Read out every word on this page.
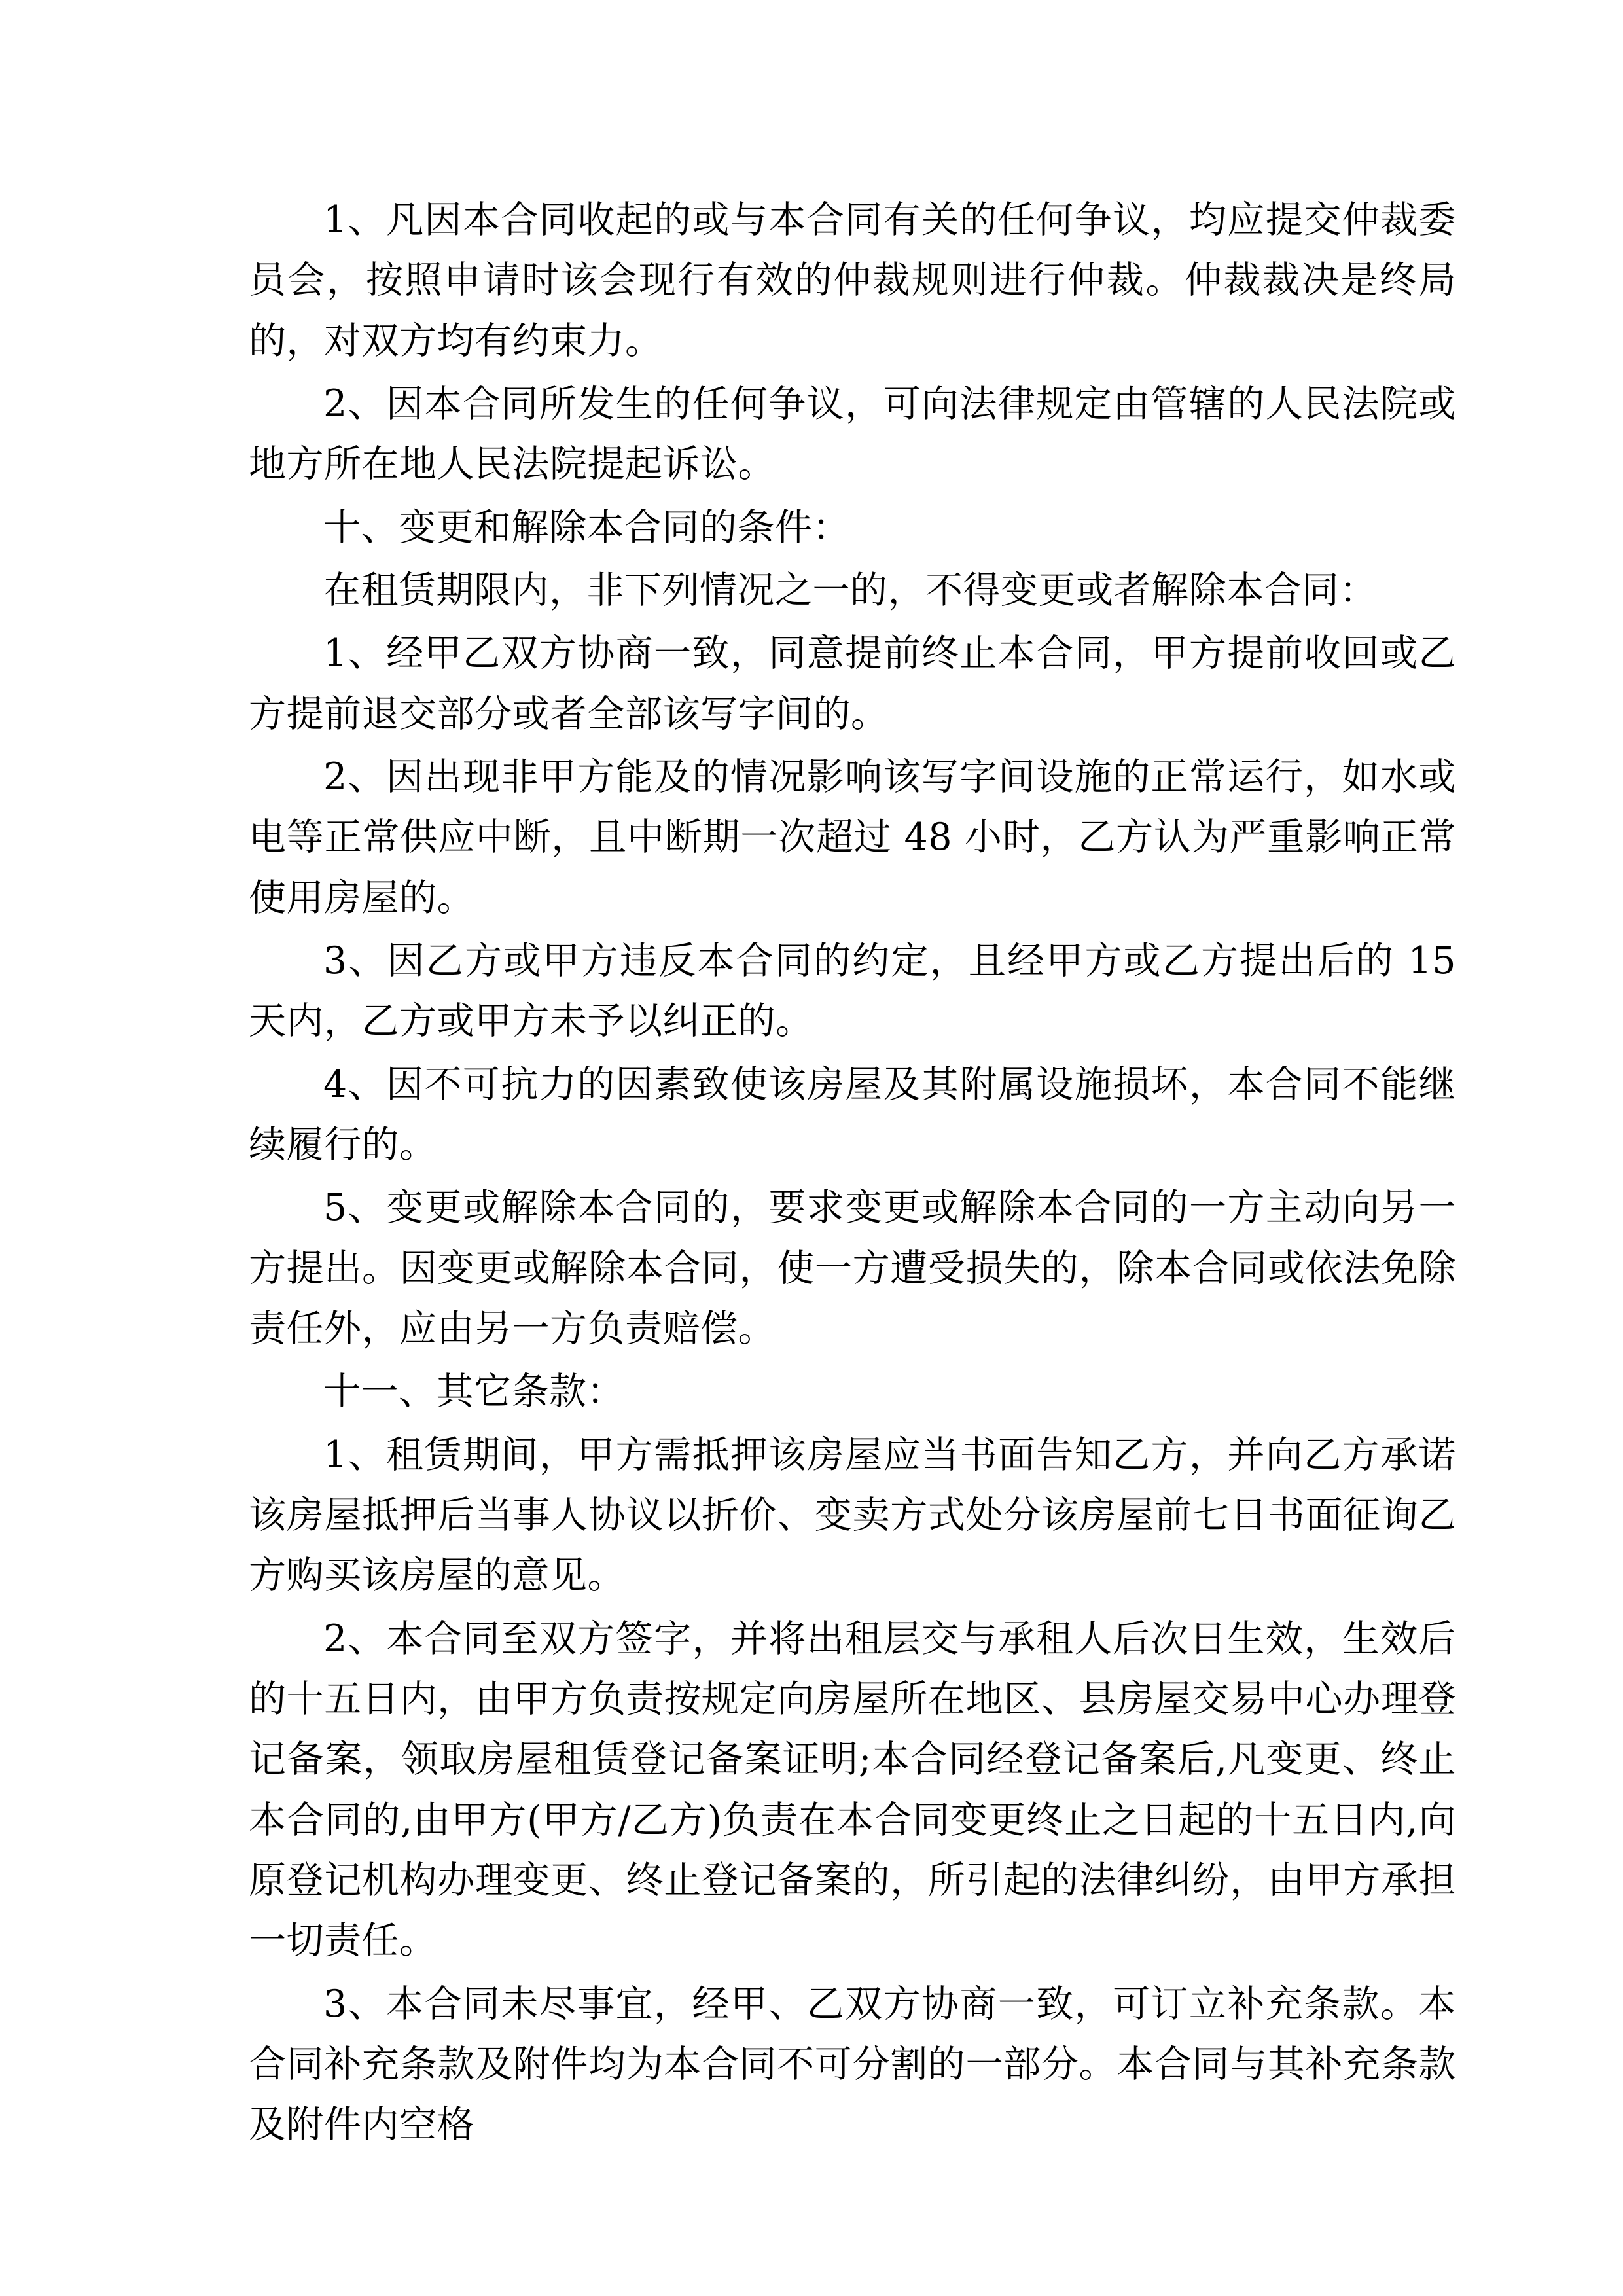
1、凡因本合同收起的或与本合同有关的任何争议，均应提交仲裁委员会，按照申请时该会现行有效的仲裁规则进行仲裁。仲裁裁决是终局的，对双方均有约束力。

2、因本合同所发生的任何争议，可向法律规定由管辖的人民法院或地方所在地人民法院提起诉讼。

十、变更和解除本合同的条件：

在租赁期限内，非下列情况之一的，不得变更或者解除本合同：

1、经甲乙双方协商一致，同意提前终止本合同，甲方提前收回或乙方提前退交部分或者全部该写字间的。

2、因出现非甲方能及的情况影响该写字间设施的正常运行，如水或电等正常供应中断，且中断期一次超过 48 小时，乙方认为严重影响正常使用房屋的。

3、因乙方或甲方违反本合同的约定，且经甲方或乙方提出后的 15 天内，乙方或甲方未予以纠正的。

4、因不可抗力的因素致使该房屋及其附属设施损坏，本合同不能继续履行的。

5、变更或解除本合同的，要求变更或解除本合同的一方主动向另一方提出。因变更或解除本合同，使一方遭受损失的，除本合同或依法免除责任外，应由另一方负责赔偿。

十一、其它条款：

1、租赁期间，甲方需抵押该房屋应当书面告知乙方，并向乙方承诺该房屋抵押后当事人协议以折价、变卖方式处分该房屋前七日书面征询乙方购买该房屋的意见。

2、本合同至双方签字，并将出租层交与承租人后次日生效，生效后的十五日内，由甲方负责按规定向房屋所在地区、县房屋交易中心办理登记备案，领取房屋租赁登记备案证明;本合同经登记备案后,凡变更、终止本合同的,由甲方(甲方/乙方)负责在本合同变更终止之日起的十五日内,向原登记机构办理变更、终止登记备案的，所引起的法律纠纷，由甲方承担一切责任。

3、本合同未尽事宜，经甲、乙双方协商一致，可订立补充条款。本合同补充条款及附件均为本合同不可分割的一部分。本合同与其补充条款及附件内空格
